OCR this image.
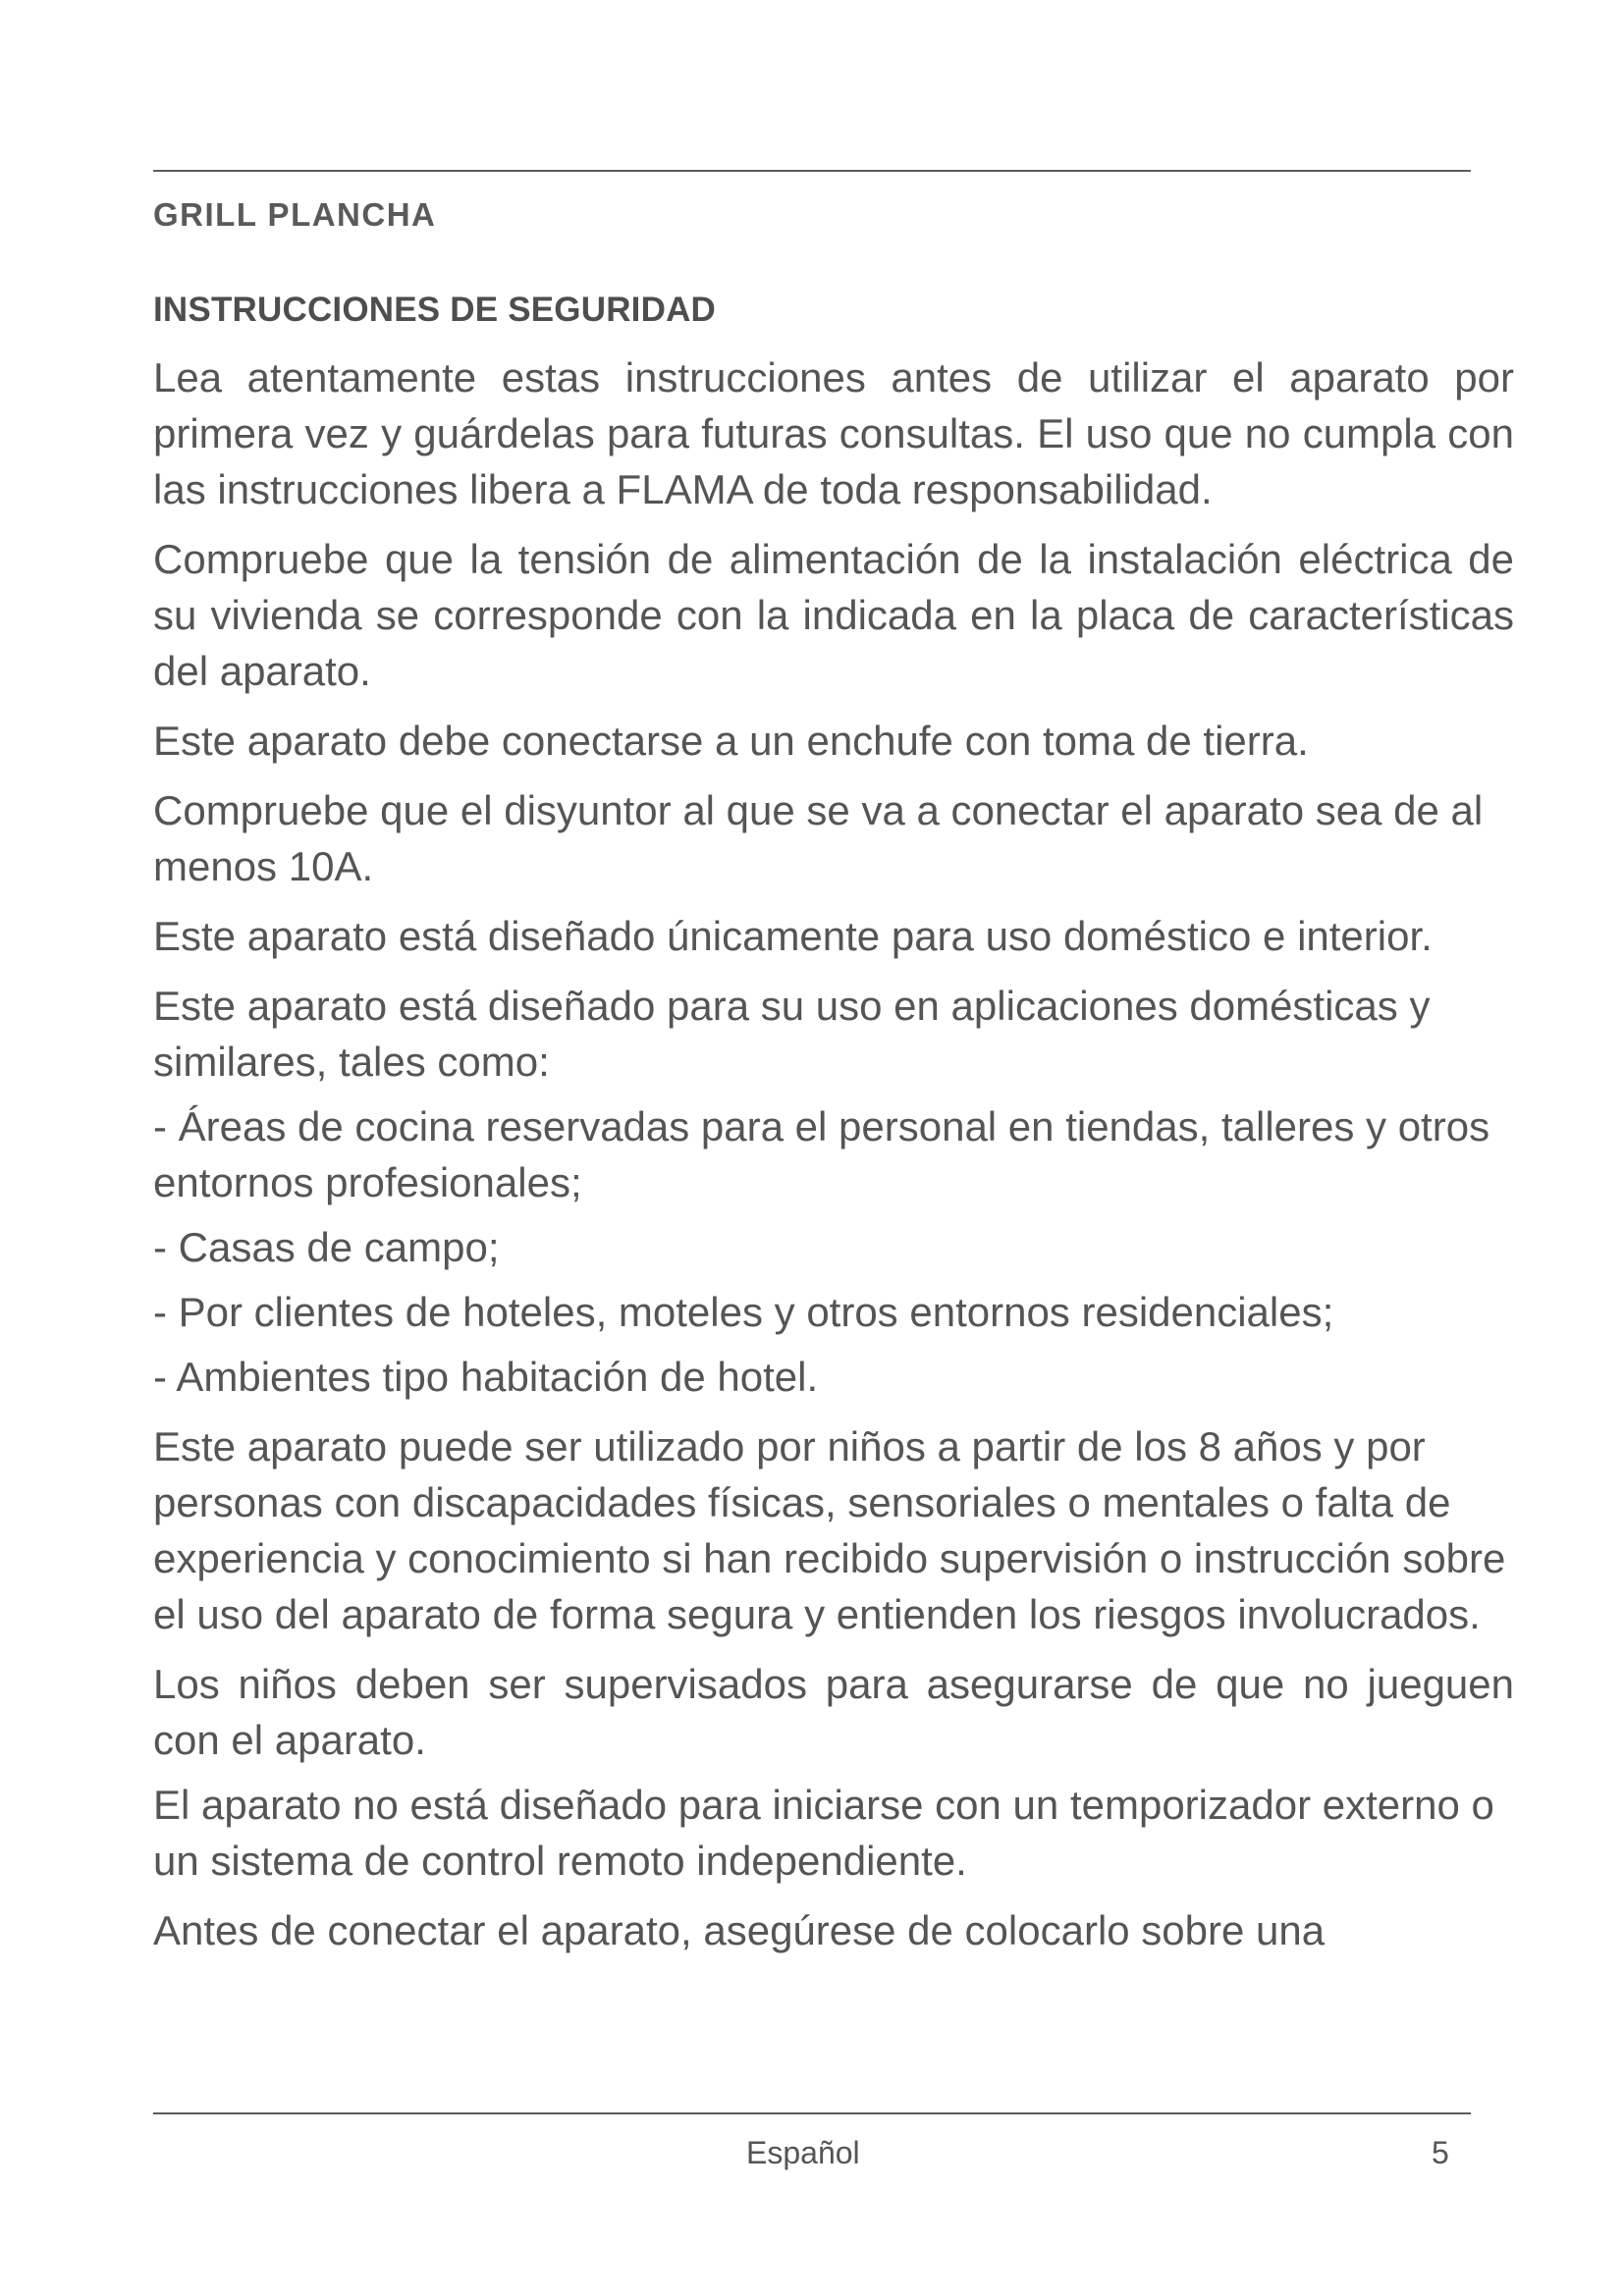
GRILL PLANCHA
INSTRUCCIONES DE SEGURIDAD

Lea atentamente estas instrucciones antes de utilizar el aparato por primera vez y guárdelas para futuras consultas. El uso que no cumpla con las instrucciones libera a FLAMA de toda responsabilidad.

Compruebe que la tensión de alimentación de la instalación eléctrica de su vivienda se corresponde con la indicada en la placa de características del aparato.

Este aparato debe conectarse a un enchufe con toma de tierra.

Compruebe que el disyuntor al que se va a conectar el aparato sea de al menos 10A.

Este aparato está diseñado únicamente para uso doméstico e interior.

Este aparato está diseñado para su uso en aplicaciones domésticas y similares, tales como:

- Áreas de cocina reservadas para el personal en tiendas, talleres y otros entornos profesionales;

- Casas de campo;

- Por clientes de hoteles, moteles y otros entornos residenciales;

- Ambientes tipo habitación de hotel.

Este aparato puede ser utilizado por niños a partir de los 8 años y por personas con discapacidades físicas, sensoriales o mentales o falta de experiencia y conocimiento si han recibido supervisión o instrucción sobre el uso del aparato de forma segura y entienden los riesgos involucrados.

Los niños deben ser supervisados para asegurarse de que no jueguen con el aparato.

El aparato no está diseñado para iniciarse con un temporizador externo o un sistema de control remoto independiente.

Antes de conectar el aparato, asegúrese de colocarlo sobre una

Español	5
